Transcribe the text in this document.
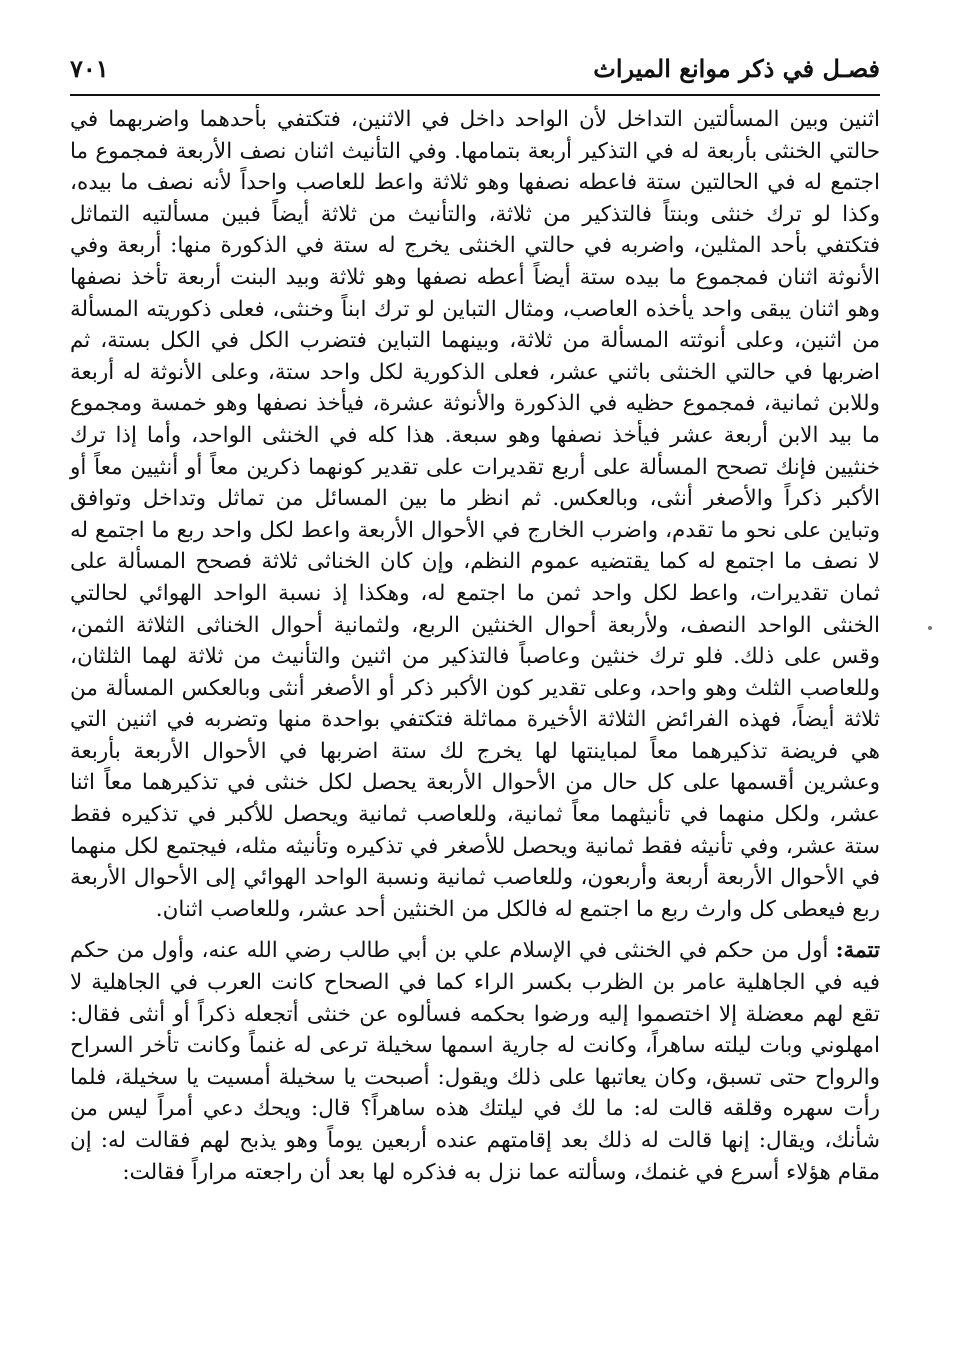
فصـل في ذكر موانع الميراث
٧٠١

اثنين وبين المسألتين التداخل لأن الواحد داخل في الاثنين، فتكتفي بأحدهما واضربهما في حالتي الخنثى بأربعة له في التذكير أربعة بتمامها. وفي التأنيث اثنان نصف الأربعة فمجموع ما اجتمع له في الحالتين ستة فاعطه نصفها وهو ثلاثة واعط للعاصب واحداً لأنه نصف ما بيده، وكذا لو ترك خنثى وبنتاً فالتذكير من ثلاثة، والتأنيث من ثلاثة أيضاً فبين مسألتيه التماثل فتكتفي بأحد المثلين، واضربه في حالتي الخنثى يخرج له ستة في الذكورة منها: أربعة وفي الأنوثة اثنان فمجموع ما بيده ستة أيضاً أعطه نصفها وهو ثلاثة وبيد البنت أربعة تأخذ نصفها وهو اثنان يبقى واحد يأخذه العاصب، ومثال التباين لو ترك ابناً وخنثى، فعلى ذكوريته المسألة من اثنين، وعلى أنوثته المسألة من ثلاثة، وبينهما التباين فتضرب الكل في الكل بستة، ثم اضربها في حالتي الخنثى باثني عشر، فعلى الذكورية لكل واحد ستة، وعلى الأنوثة له أربعة وللابن ثمانية، فمجموع حظيه في الذكورة والأنوثة عشرة، فيأخذ نصفها وهو خمسة ومجموع ما بيد الابن أربعة عشر فيأخذ نصفها وهو سبعة. هذا كله في الخنثى الواحد، وأما إذا ترك خنثيين فإنك تصحح المسألة على أربع تقديرات على تقدير كونهما ذكرين معاً أو أنثيين معاً أو الأكبر ذكراً والأصغر أنثى، وبالعكس. ثم انظر ما بين المسائل من تماثل وتداخل وتوافق وتباين على نحو ما تقدم، واضرب الخارج في الأحوال الأربعة واعط لكل واحد ربع ما اجتمع له لا نصف ما اجتمع له كما يقتضيه عموم النظم، وإن كان الخناثى ثلاثة فصحح المسألة على ثمان تقديرات، واعط لكل واحد ثمن ما اجتمع له، وهكذا إذ نسبة الواحد الهوائي لحالتي الخنثى الواحد النصف، ولأربعة أحوال الخنثين الربع، ولثمانية أحوال الخناثى الثلاثة الثمن، وقس على ذلك. فلو ترك خنثين وعاصباً فالتذكير من اثنين والتأنيث من ثلاثة لهما الثلثان، وللعاصب الثلث وهو واحد، وعلى تقدير كون الأكبر ذكر أو الأصغر أنثى وبالعكس المسألة من ثلاثة أيضاً، فهذه الفرائض الثلاثة الأخيرة مماثلة فتكتفي بواحدة منها وتضربه في اثنين التي هي فريضة تذكيرهما معاً لمباينتها لها يخرج لك ستة اضربها في الأحوال الأربعة بأربعة وعشرين أقسمها على كل حال من الأحوال الأربعة يحصل لكل خنثى في تذكيرهما معاً اثنا عشر، ولكل منهما في تأنيثهما معاً ثمانية، وللعاصب ثمانية ويحصل للأكبر في تذكيره فقط ستة عشر، وفي تأنيثه فقط ثمانية ويحصل للأصغر في تذكيره وتأنيثه مثله، فيجتمع لكل منهما في الأحوال الأربعة أربعة وأربعون، وللعاصب ثمانية ونسبة الواحد الهوائي إلى الأحوال الأربعة ربع فيعطى كل وارث ربع ما اجتمع له فالكل من الخنثين أحد عشر، وللعاصب اثنان.

تتمة: أول من حكم في الخنثى في الإسلام علي بن أبي طالب رضي الله عنه، وأول من حكم فيه في الجاهلية عامر بن الظرب بكسر الراء كما في الصحاح كانت العرب في الجاهلية لا تقع لهم معضلة إلا اختصموا إليه ورضوا بحكمه فسألوه عن خنثى أتجعله ذكراً أو أنثى فقال: امهلوني وبات ليلته ساهراً، وكانت له جارية اسمها سخيلة ترعى له غنماً وكانت تأخر السراح والرواح حتى تسبق، وكان يعاتبها على ذلك ويقول: أصبحت يا سخيلة أمسيت يا سخيلة، فلما رأت سهره وقلقه قالت له: ما لك في ليلتك هذه ساهراً؟ قال: ويحك دعي أمراً ليس من شأنك، ويقال: إنها قالت له ذلك بعد إقامتهم عنده أربعين يوماً وهو يذبح لهم فقالت له: إن مقام هؤلاء أسرع في غنمك، وسألته عما نزل به فذكره لها بعد أن راجعته مراراً فقالت:
